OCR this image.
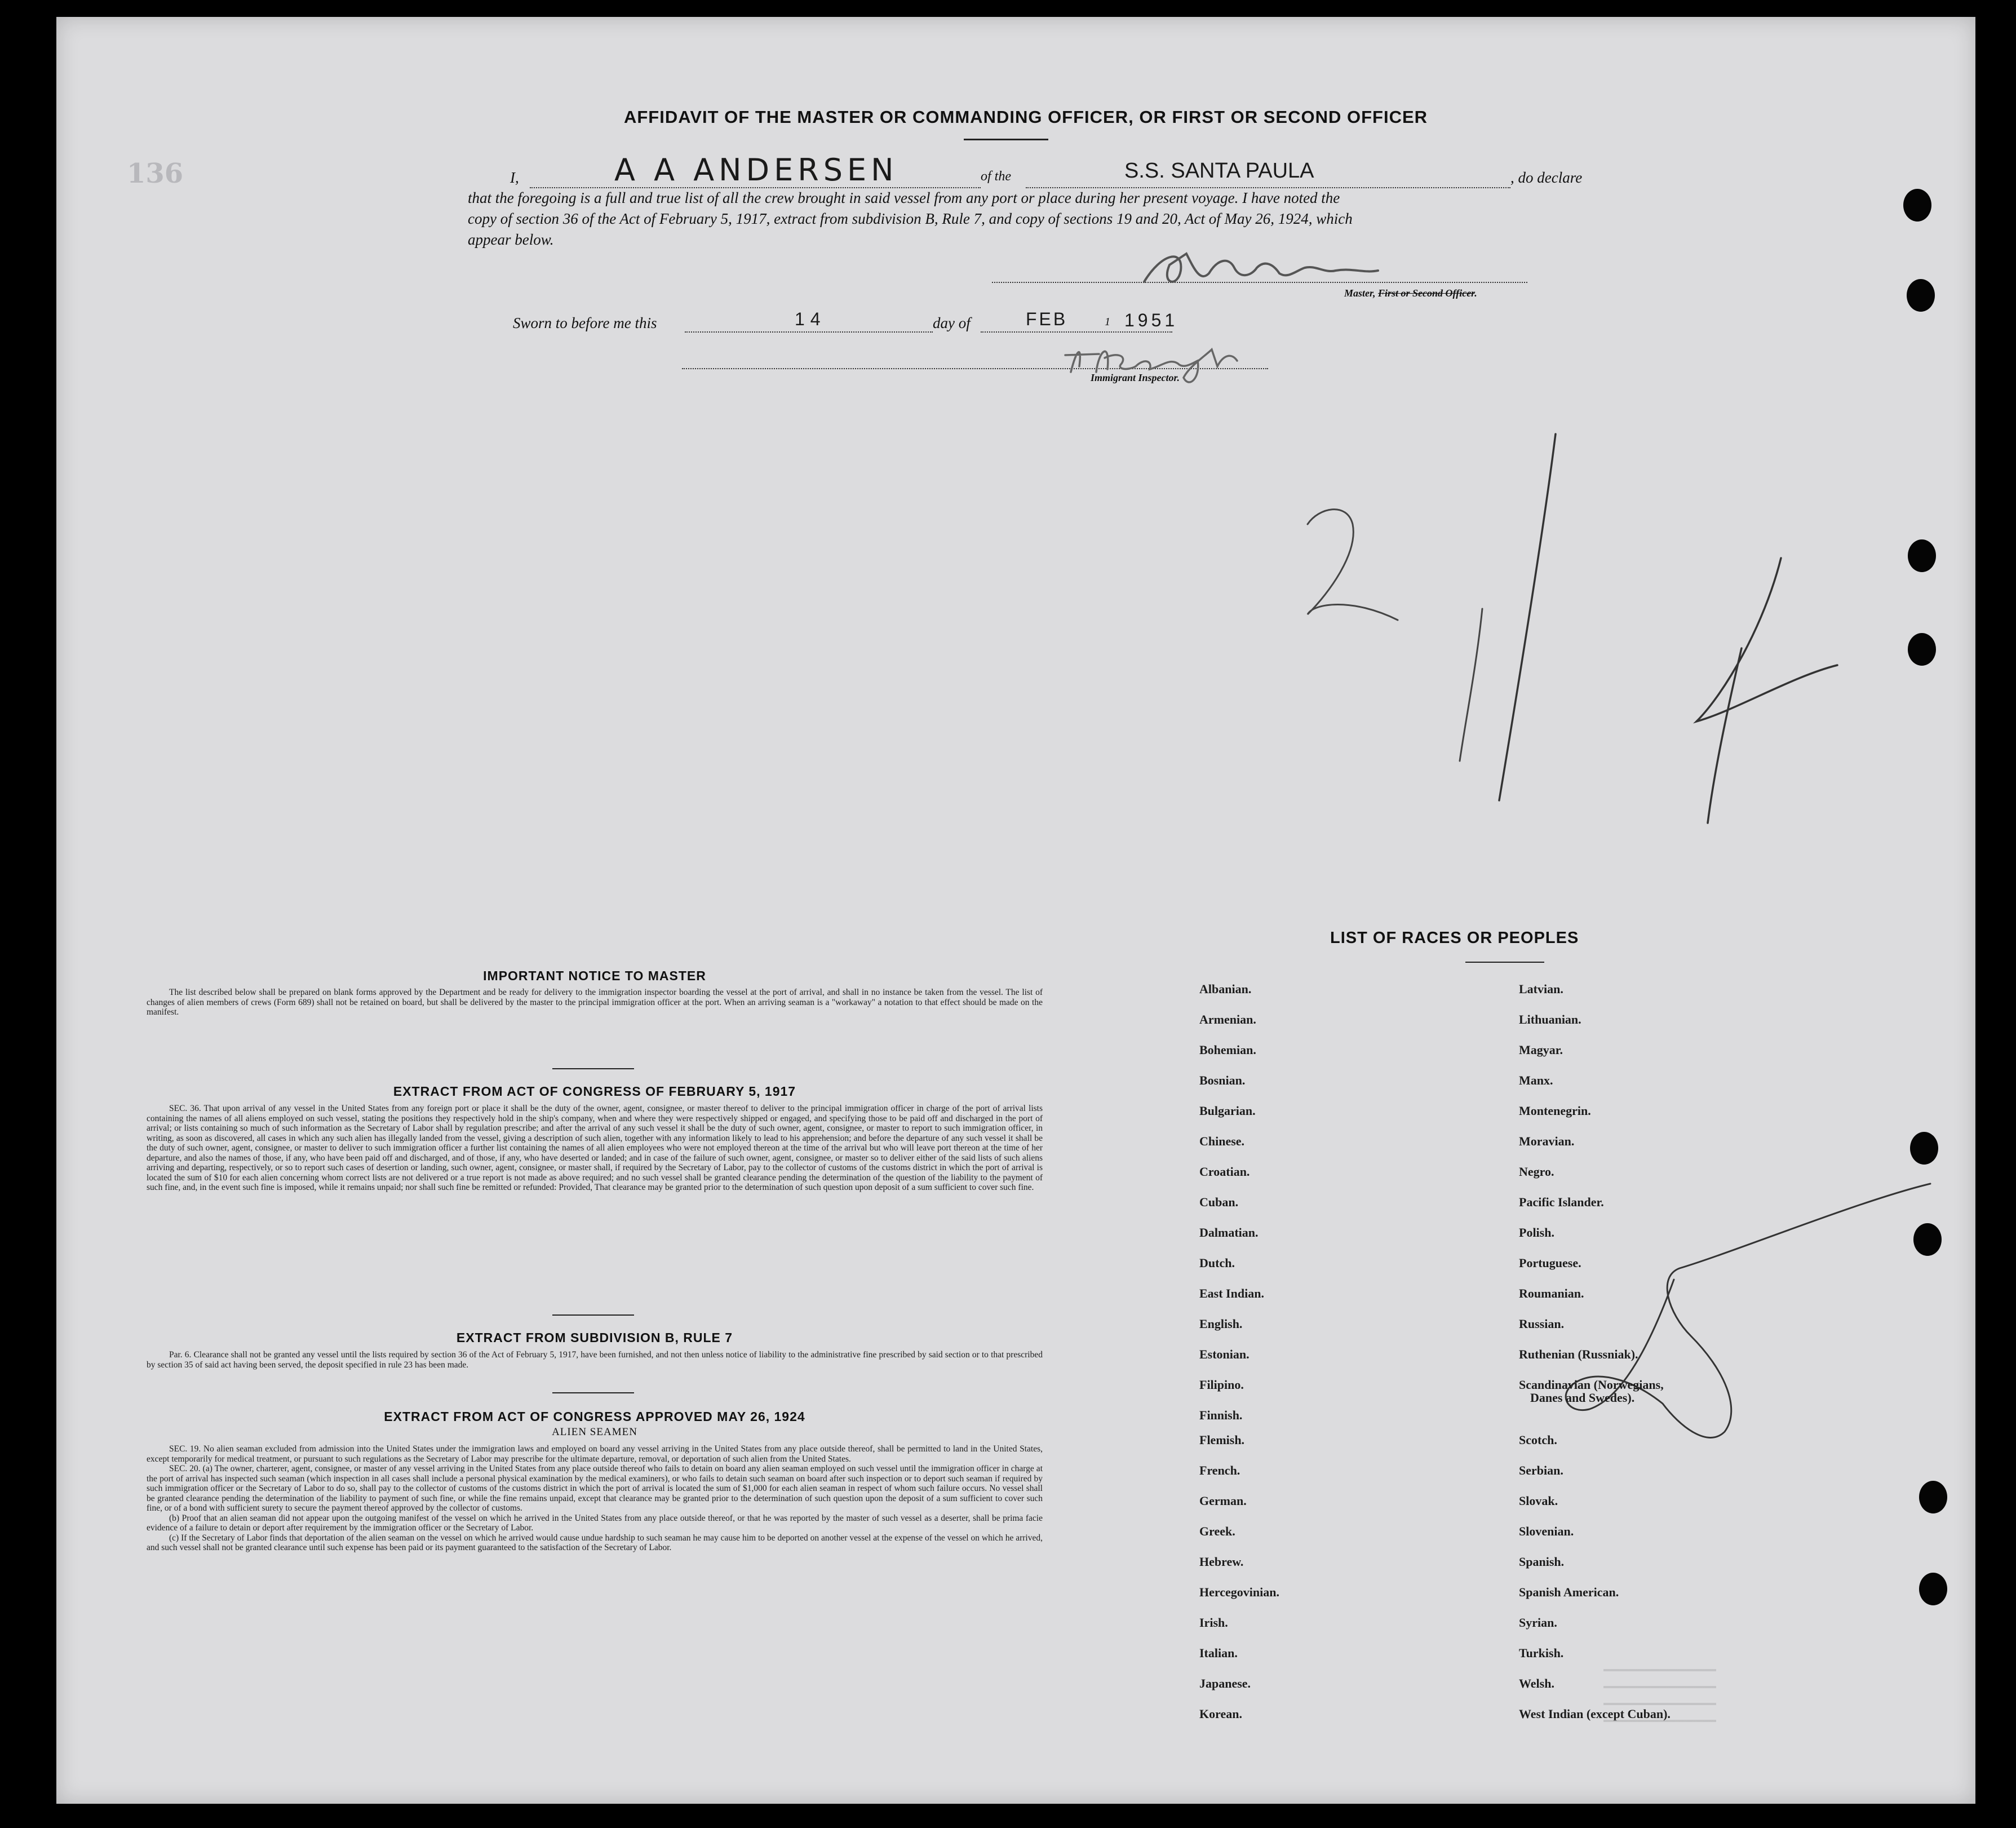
136
AFFIDAVIT OF THE MASTER OR COMMANDING OFFICER, OR FIRST OR SECOND OFFICER
I,	A A ANDERSEN	of the	S.S. SANTA PAULA	, do declare
that the foregoing is a full and true list of all the crew brought in said vessel from any port or place during her present voyage. I have noted the
copy of section 36 of the Act of February 5, 1917, extract from subdivision B, Rule 7, and copy of sections 19 and 20, Act of May 26, 1924, which
appear below.
Master, First or Second Officer.
Sworn to before me this	14	day of	FEB	1 1951
Immigrant Inspector.
IMPORTANT NOTICE TO MASTER

The list described below shall be prepared on blank forms approved by the Department and be ready for delivery to the immigration inspector boarding the vessel at the port of arrival, and shall in no instance be taken from the vessel. The list of changes of alien members of crews (Form 689) shall not be retained on board, but shall be delivered by the master to the principal immigration officer at the port. When an arriving seaman is a "workaway" a notation to that effect should be made on the manifest.

EXTRACT FROM ACT OF CONGRESS OF FEBRUARY 5, 1917

SEC. 36. That upon arrival of any vessel in the United States from any foreign port or place it shall be the duty of the owner, agent, consignee, or master thereof to deliver to the principal immigration officer in charge of the port of arrival lists containing the names of all aliens employed on such vessel, stating the positions they respectively hold in the ship's company, when and where they were respectively shipped or engaged, and specifying those to be paid off and discharged in the port of arrival; or lists containing so much of such information as the Secretary of Labor shall by regulation prescribe; and after the arrival of any such vessel it shall be the duty of such owner, agent, consignee, or master to report to such immigration officer, in writing, as soon as discovered, all cases in which any such alien has illegally landed from the vessel, giving a description of such alien, together with any information likely to lead to his apprehension; and before the departure of any such vessel it shall be the duty of such owner, agent, consignee, or master to deliver to such immigration officer a further list containing the names of all alien employees who were not employed thereon at the time of the arrival but who will leave port thereon at the time of her departure, and also the names of those, if any, who have been paid off and discharged, and of those, if any, who have deserted or landed; and in case of the failure of such owner, agent, consignee, or master so to deliver either of the said lists of such aliens arriving and departing, respectively, or so to report such cases of desertion or landing, such owner, agent, consignee, or master shall, if required by the Secretary of Labor, pay to the collector of customs of the customs district in which the port of arrival is located the sum of $10 for each alien concerning whom correct lists are not delivered or a true report is not made as above required; and no such vessel shall be granted clearance pending the determination of the question of the liability to the payment of such fine, and, in the event such fine is imposed, while it remains unpaid; nor shall such fine be remitted or refunded: Provided, That clearance may be granted prior to the determination of such question upon deposit of a sum sufficient to cover such fine.

EXTRACT FROM SUBDIVISION B, RULE 7

Par. 6. Clearance shall not be granted any vessel until the lists required by section 36 of the Act of February 5, 1917, have been furnished, and not then unless notice of liability to the administrative fine prescribed by said section or to that prescribed by section 35 of said act having been served, the deposit specified in rule 23 has been made.

EXTRACT FROM ACT OF CONGRESS APPROVED MAY 26, 1924
ALIEN SEAMEN

SEC. 19. No alien seaman excluded from admission into the United States under the immigration laws and employed on board any vessel arriving in the United States from any place outside thereof, shall be permitted to land in the United States, except temporarily for medical treatment, or pursuant to such regulations as the Secretary of Labor may prescribe for the ultimate departure, removal, or deportation of such alien from the United States.

SEC. 20. (a) The owner, charterer, agent, consignee, or master of any vessel arriving in the United States from any place outside thereof who fails to detain on board any alien seaman employed on such vessel until the immigration officer in charge at the port of arrival has inspected such seaman (which inspection in all cases shall include a personal physical examination by the medical examiners), or who fails to detain such seaman on board after such inspection or to deport such seaman if required by such immigration officer or the Secretary of Labor to do so, shall pay to the collector of customs of the customs district in which the port of arrival is located the sum of $1,000 for each alien seaman in respect of whom such failure occurs. No vessel shall be granted clearance pending the determination of the liability to payment of such fine, or while the fine remains unpaid, except that clearance may be granted prior to the determination of such question upon the deposit of a sum sufficient to cover such fine, or of a bond with sufficient surety to secure the payment thereof approved by the collector of customs.

(b) Proof that an alien seaman did not appear upon the outgoing manifest of the vessel on which he arrived in the United States from any place outside thereof, or that he was reported by the master of such vessel as a deserter, shall be prima facie evidence of a failure to detain or deport after requirement by the immigration officer or the Secretary of Labor.

(c) If the Secretary of Labor finds that deportation of the alien seaman on the vessel on which he arrived would cause undue hardship to such seaman he may cause him to be deported on another vessel at the expense of the vessel on which he arrived, and such vessel shall not be granted clearance until such expense has been paid or its payment guaranteed to the satisfaction of the Secretary of Labor.

LIST OF RACES OR PEOPLES
Albanian.
Armenian.
Bohemian.
Bosnian.
Bulgarian.
Chinese.
Croatian.
Cuban.
Dalmatian.
Dutch.
East Indian.
English.
Estonian.
Filipino.
Finnish.
Flemish.
French.
German.
Greek.
Hebrew.
Hercegovinian.
Irish.
Italian.
Japanese.
Korean.
Latvian.
Lithuanian.
Magyar.
Manx.
Montenegrin.
Moravian.
Negro.
Pacific Islander.
Polish.
Portuguese.
Roumanian.
Russian.
Ruthenian (Russniak).
Scandinavian (Norwegians,
Danes and Swedes).
Scotch.
Serbian.
Slovak.
Slovenian.
Spanish.
Spanish American.
Syrian.
Turkish.
Welsh.
West Indian (except Cuban).
